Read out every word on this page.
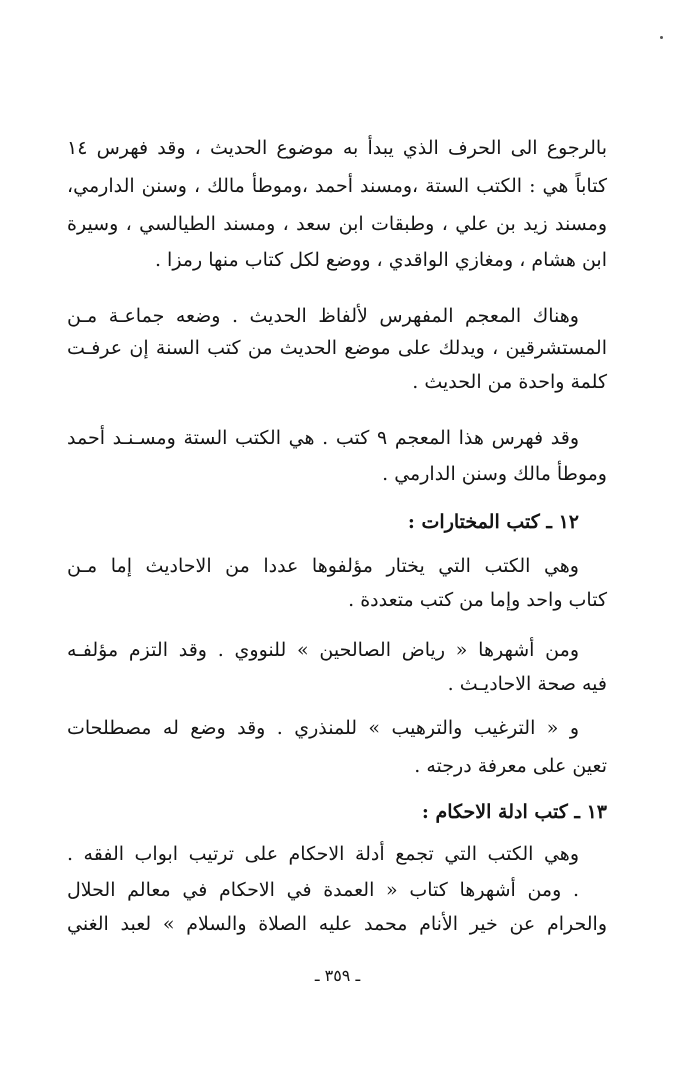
بالرجوع الى الحرف الذي يبدأ به موضوع الحديث ، وقد فهرس ١٤
كتاباً هي : الكتب الستة ،ومسند أحمد ،وموطأ مالك ، وسنن الدارمي،
ومسند زيد بن علي ، وطبقات ابن سعد ، ومسند الطيالسي ، وسيرة
ابن هشام ، ومغازي الواقدي ، ووضع لكل كتاب منها رمزا .
وهناك المعجم المفهرس لألفاظ الحديث . وضعه جماعـة مـن
المستشرقين ، ويدلك على موضع الحديث من كتب السنة إن عرفـت
كلمة واحدة من الحديث .
وقد فهرس هذا المعجم ٩ كتب . هي الكتب الستة ومسـنـد أحمد
وموطأ مالك وسنن الدارمي .
١٢ ـ كتب المختارات :
وهي الكتب التي يختار مؤلفوها عددا من الاحاديث إما مـن
كتاب واحد وإما من كتب متعددة .
ومن أشهرها « رياض الصالحين » للنووي . وقد التزم مؤلفـه
فيه صحة الاحاديـث .
و « الترغيب والترهيب » للمنذري . وقد وضع له مصطلحات
تعين على معرفة درجته .
١٣ ـ كتب ادلة الاحكام :
وهي الكتب التي تجمع أدلة الاحكام على ترتيب ابواب الفقه .
. ومن أشهرها كتاب « العمدة في الاحكام في معالم الحلال
والحرام عن خير الأنام محمد عليه الصلاة والسلام » لعبد الغني
ـ ٣٥٩ ـ
